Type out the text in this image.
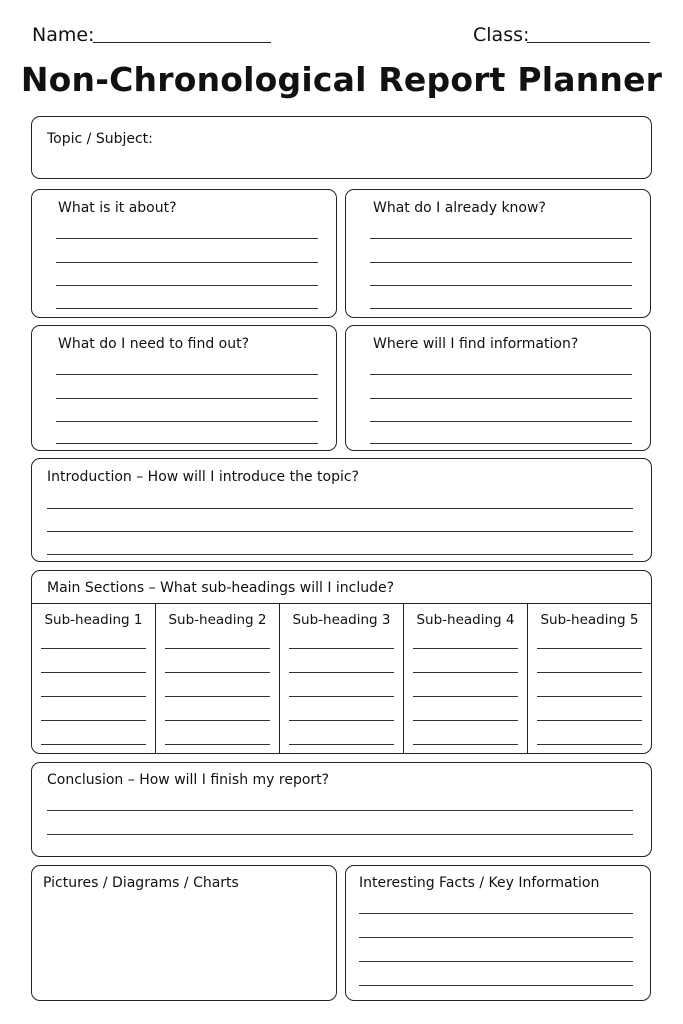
Name:	Class:
Non-Chronological Report Planner
Topic / Subject:
What is it about?	What do I already know?
What do I need to find out?	Where will I find information?
Introduction – How will I introduce the topic?
Main Sections – What sub-headings will I include?
Sub-heading 1	Sub-heading 2	Sub-heading 3	Sub-heading 4	Sub-heading 5
Conclusion – How will I finish my report?
Pictures / Diagrams / Charts	Interesting Facts / Key Information
